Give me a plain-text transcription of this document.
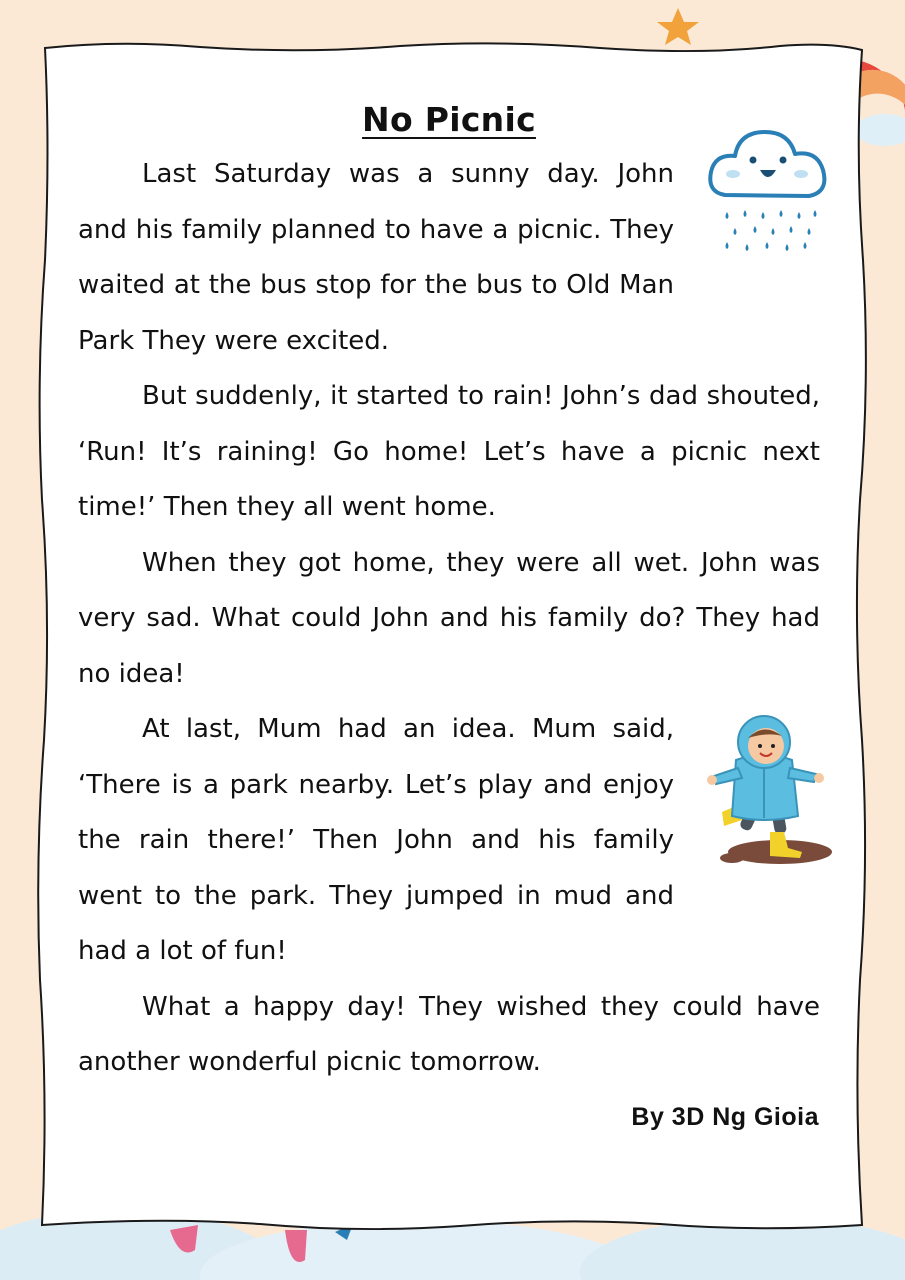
No Picnic

Last Saturday was a sunny day. John and his family planned to have a picnic. They waited at the bus stop for the bus to Old Man Park They were excited.

But suddenly, it started to rain! John’s dad shouted, ‘Run! It’s raining! Go home! Let’s have a picnic next time!’ Then they all went home.

When they got home, they were all wet. John was very sad. What could John and his family do? They had no idea!

At last, Mum had an idea. Mum said, ‘There is a park nearby. Let’s play and enjoy the rain there!’ Then John and his family went to the park. They jumped in mud and had a lot of fun!

What a happy day! They wished they could have another wonderful picnic tomorrow.

By 3D Ng Gioia
